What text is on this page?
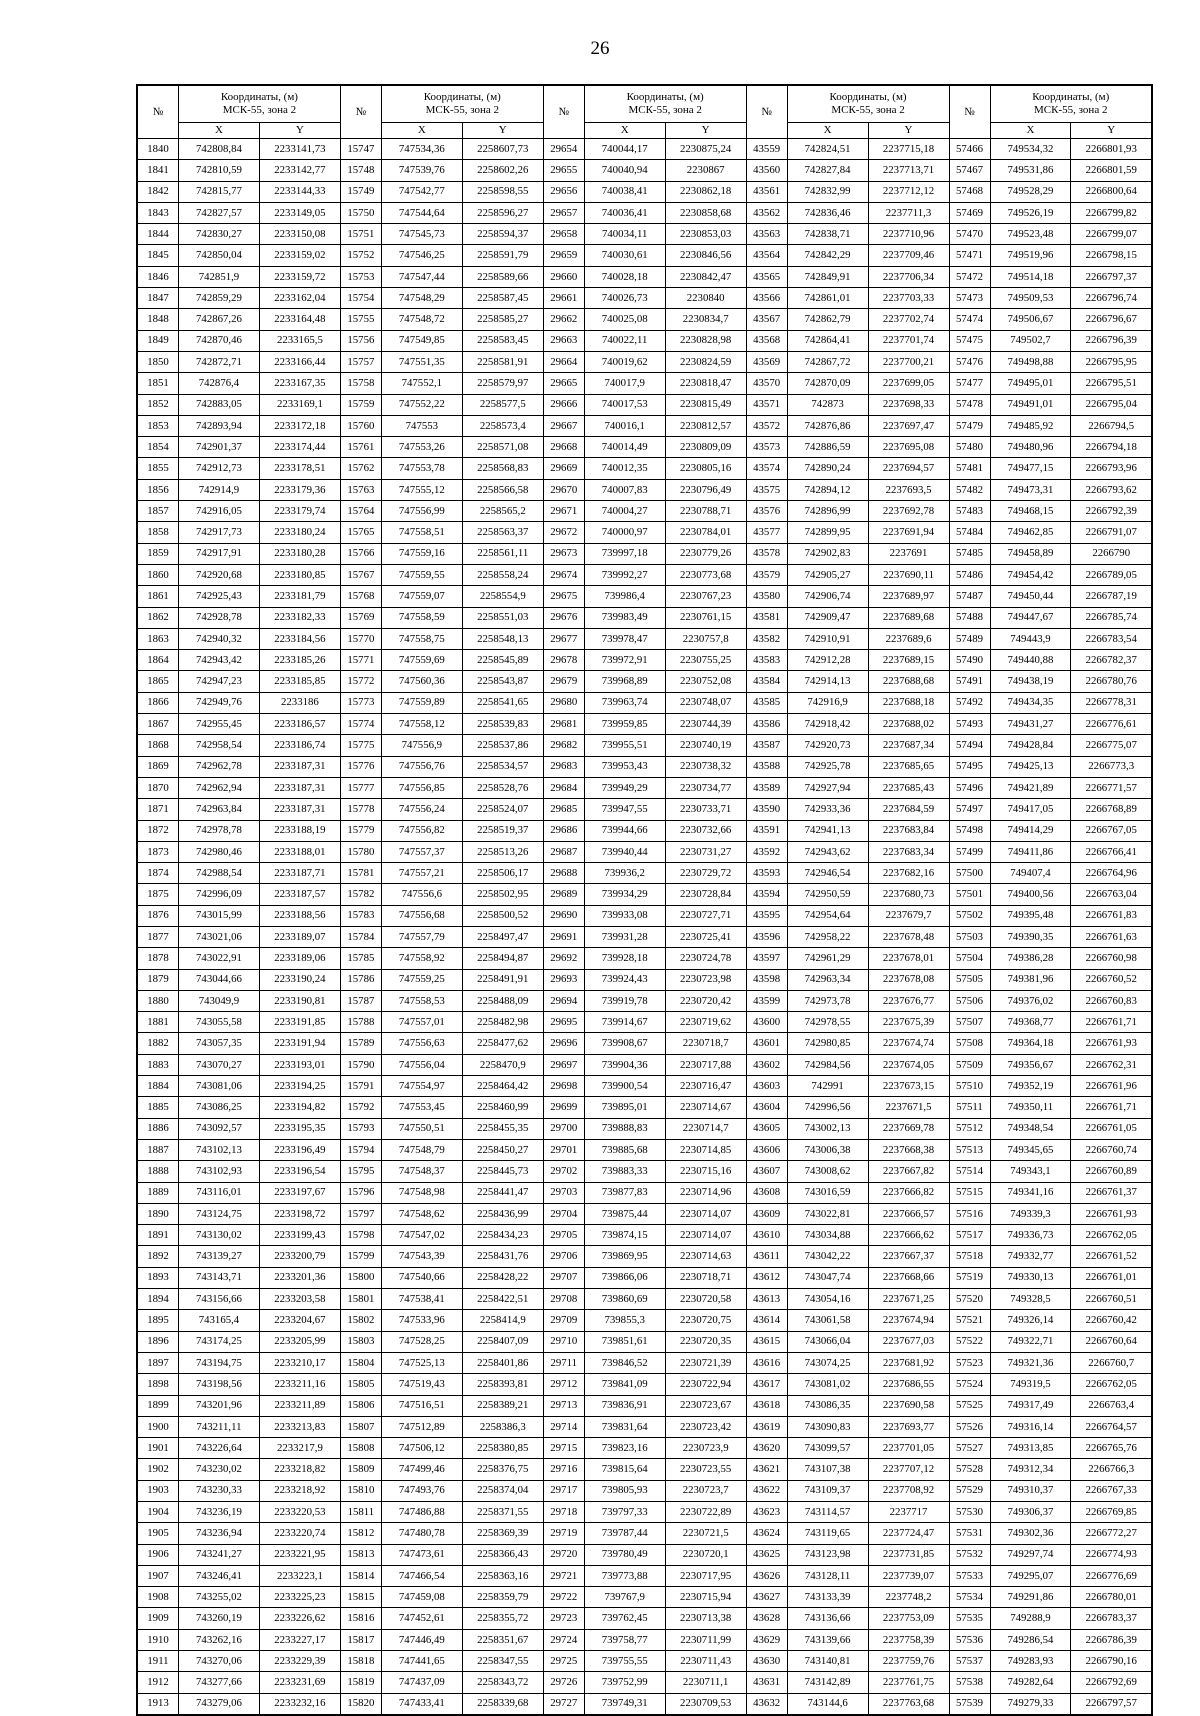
26
№	Координаты, (м)
МСК-55, зона 2		№	Координаты, (м)
МСК-55, зона 2		№	Координаты, (м)
МСК-55, зона 2		№	Координаты, (м)
МСК-55, зона 2		№	Координаты, (м)
МСК-55, зона 2	

	X	Y		X	Y		X	Y		X	Y		X	Y
1840	742808,84	2233141,73	15747	747534,36	2258607,73	29654	740044,17	2230875,24	43559	742824,51	2237715,18	57466	749534,32	2266801,93
1841	742810,59	2233142,77	15748	747539,76	2258602,26	29655	740040,94	2230867	43560	742827,84	2237713,71	57467	749531,86	2266801,59
1842	742815,77	2233144,33	15749	747542,77	2258598,55	29656	740038,41	2230862,18	43561	742832,99	2237712,12	57468	749528,29	2266800,64
1843	742827,57	2233149,05	15750	747544,64	2258596,27	29657	740036,41	2230858,68	43562	742836,46	2237711,3	57469	749526,19	2266799,82
1844	742830,27	2233150,08	15751	747545,73	2258594,37	29658	740034,11	2230853,03	43563	742838,71	2237710,96	57470	749523,48	2266799,07
1845	742850,04	2233159,02	15752	747546,25	2258591,79	29659	740030,61	2230846,56	43564	742842,29	2237709,46	57471	749519,96	2266798,15
1846	742851,9	2233159,72	15753	747547,44	2258589,66	29660	740028,18	2230842,47	43565	742849,91	2237706,34	57472	749514,18	2266797,37
1847	742859,29	2233162,04	15754	747548,29	2258587,45	29661	740026,73	2230840	43566	742861,01	2237703,33	57473	749509,53	2266796,74
1848	742867,26	2233164,48	15755	747548,72	2258585,27	29662	740025,08	2230834,7	43567	742862,79	2237702,74	57474	749506,67	2266796,67
1849	742870,46	2233165,5	15756	747549,85	2258583,45	29663	740022,11	2230828,98	43568	742864,41	2237701,74	57475	749502,7	2266796,39
1850	742872,71	2233166,44	15757	747551,35	2258581,91	29664	740019,62	2230824,59	43569	742867,72	2237700,21	57476	749498,88	2266795,95
1851	742876,4	2233167,35	15758	747552,1	2258579,97	29665	740017,9	2230818,47	43570	742870,09	2237699,05	57477	749495,01	2266795,51
1852	742883,05	2233169,1	15759	747552,22	2258577,5	29666	740017,53	2230815,49	43571	742873	2237698,33	57478	749491,01	2266795,04
1853	742893,94	2233172,18	15760	747553	2258573,4	29667	740016,1	2230812,57	43572	742876,86	2237697,47	57479	749485,92	2266794,5
1854	742901,37	2233174,44	15761	747553,26	2258571,08	29668	740014,49	2230809,09	43573	742886,59	2237695,08	57480	749480,96	2266794,18
1855	742912,73	2233178,51	15762	747553,78	2258568,83	29669	740012,35	2230805,16	43574	742890,24	2237694,57	57481	749477,15	2266793,96
1856	742914,9	2233179,36	15763	747555,12	2258566,58	29670	740007,83	2230796,49	43575	742894,12	2237693,5	57482	749473,31	2266793,62
1857	742916,05	2233179,74	15764	747556,99	2258565,2	29671	740004,27	2230788,71	43576	742896,99	2237692,78	57483	749468,15	2266792,39
1858	742917,73	2233180,24	15765	747558,51	2258563,37	29672	740000,97	2230784,01	43577	742899,95	2237691,94	57484	749462,85	2266791,07
1859	742917,91	2233180,28	15766	747559,16	2258561,11	29673	739997,18	2230779,26	43578	742902,83	2237691	57485	749458,89	2266790
1860	742920,68	2233180,85	15767	747559,55	2258558,24	29674	739992,27	2230773,68	43579	742905,27	2237690,11	57486	749454,42	2266789,05
1861	742925,43	2233181,79	15768	747559,07	2258554,9	29675	739986,4	2230767,23	43580	742906,74	2237689,97	57487	749450,44	2266787,19
1862	742928,78	2233182,33	15769	747558,59	2258551,03	29676	739983,49	2230761,15	43581	742909,47	2237689,68	57488	749447,67	2266785,74
1863	742940,32	2233184,56	15770	747558,75	2258548,13	29677	739978,47	2230757,8	43582	742910,91	2237689,6	57489	749443,9	2266783,54
1864	742943,42	2233185,26	15771	747559,69	2258545,89	29678	739972,91	2230755,25	43583	742912,28	2237689,15	57490	749440,88	2266782,37
1865	742947,23	2233185,85	15772	747560,36	2258543,87	29679	739968,89	2230752,08	43584	742914,13	2237688,68	57491	749438,19	2266780,76
1866	742949,76	2233186	15773	747559,89	2258541,65	29680	739963,74	2230748,07	43585	742916,9	2237688,18	57492	749434,35	2266778,31
1867	742955,45	2233186,57	15774	747558,12	2258539,83	29681	739959,85	2230744,39	43586	742918,42	2237688,02	57493	749431,27	2266776,61
1868	742958,54	2233186,74	15775	747556,9	2258537,86	29682	739955,51	2230740,19	43587	742920,73	2237687,34	57494	749428,84	2266775,07
1869	742962,78	2233187,31	15776	747556,76	2258534,57	29683	739953,43	2230738,32	43588	742925,78	2237685,65	57495	749425,13	2266773,3
1870	742962,94	2233187,31	15777	747556,85	2258528,76	29684	739949,29	2230734,77	43589	742927,94	2237685,43	57496	749421,89	2266771,57
1871	742963,84	2233187,31	15778	747556,24	2258524,07	29685	739947,55	2230733,71	43590	742933,36	2237684,59	57497	749417,05	2266768,89
1872	742978,78	2233188,19	15779	747556,82	2258519,37	29686	739944,66	2230732,66	43591	742941,13	2237683,84	57498	749414,29	2266767,05
1873	742980,46	2233188,01	15780	747557,37	2258513,26	29687	739940,44	2230731,27	43592	742943,62	2237683,34	57499	749411,86	2266766,41
1874	742988,54	2233187,71	15781	747557,21	2258506,17	29688	739936,2	2230729,72	43593	742946,54	2237682,16	57500	749407,4	2266764,96
1875	742996,09	2233187,57	15782	747556,6	2258502,95	29689	739934,29	2230728,84	43594	742950,59	2237680,73	57501	749400,56	2266763,04
1876	743015,99	2233188,56	15783	747556,68	2258500,52	29690	739933,08	2230727,71	43595	742954,64	2237679,7	57502	749395,48	2266761,83
1877	743021,06	2233189,07	15784	747557,79	2258497,47	29691	739931,28	2230725,41	43596	742958,22	2237678,48	57503	749390,35	2266761,63
1878	743022,91	2233189,06	15785	747558,92	2258494,87	29692	739928,18	2230724,78	43597	742961,29	2237678,01	57504	749386,28	2266760,98
1879	743044,66	2233190,24	15786	747559,25	2258491,91	29693	739924,43	2230723,98	43598	742963,34	2237678,08	57505	749381,96	2266760,52
1880	743049,9	2233190,81	15787	747558,53	2258488,09	29694	739919,78	2230720,42	43599	742973,78	2237676,77	57506	749376,02	2266760,83
1881	743055,58	2233191,85	15788	747557,01	2258482,98	29695	739914,67	2230719,62	43600	742978,55	2237675,39	57507	749368,77	2266761,71
1882	743057,35	2233191,94	15789	747556,63	2258477,62	29696	739908,67	2230718,7	43601	742980,85	2237674,74	57508	749364,18	2266761,93
1883	743070,27	2233193,01	15790	747556,04	2258470,9	29697	739904,36	2230717,88	43602	742984,56	2237674,05	57509	749356,67	2266762,31
1884	743081,06	2233194,25	15791	747554,97	2258464,42	29698	739900,54	2230716,47	43603	742991	2237673,15	57510	749352,19	2266761,96
1885	743086,25	2233194,82	15792	747553,45	2258460,99	29699	739895,01	2230714,67	43604	742996,56	2237671,5	57511	749350,11	2266761,71
1886	743092,57	2233195,35	15793	747550,51	2258455,35	29700	739888,83	2230714,7	43605	743002,13	2237669,78	57512	749348,54	2266761,05
1887	743102,13	2233196,49	15794	747548,79	2258450,27	29701	739885,68	2230714,85	43606	743006,38	2237668,38	57513	749345,65	2266760,74
1888	743102,93	2233196,54	15795	747548,37	2258445,73	29702	739883,33	2230715,16	43607	743008,62	2237667,82	57514	749343,1	2266760,89
1889	743116,01	2233197,67	15796	747548,98	2258441,47	29703	739877,83	2230714,96	43608	743016,59	2237666,82	57515	749341,16	2266761,37
1890	743124,75	2233198,72	15797	747548,62	2258436,99	29704	739875,44	2230714,07	43609	743022,81	2237666,57	57516	749339,3	2266761,93
1891	743130,02	2233199,43	15798	747547,02	2258434,23	29705	739874,15	2230714,07	43610	743034,88	2237666,62	57517	749336,73	2266762,05
1892	743139,27	2233200,79	15799	747543,39	2258431,76	29706	739869,95	2230714,63	43611	743042,22	2237667,37	57518	749332,77	2266761,52
1893	743143,71	2233201,36	15800	747540,66	2258428,22	29707	739866,06	2230718,71	43612	743047,74	2237668,66	57519	749330,13	2266761,01
1894	743156,66	2233203,58	15801	747538,41	2258422,51	29708	739860,69	2230720,58	43613	743054,16	2237671,25	57520	749328,5	2266760,51
1895	743165,4	2233204,67	15802	747533,96	2258414,9	29709	739855,3	2230720,75	43614	743061,58	2237674,94	57521	749326,14	2266760,42
1896	743174,25	2233205,99	15803	747528,25	2258407,09	29710	739851,61	2230720,35	43615	743066,04	2237677,03	57522	749322,71	2266760,64
1897	743194,75	2233210,17	15804	747525,13	2258401,86	29711	739846,52	2230721,39	43616	743074,25	2237681,92	57523	749321,36	2266760,7
1898	743198,56	2233211,16	15805	747519,43	2258393,81	29712	739841,09	2230722,94	43617	743081,02	2237686,55	57524	749319,5	2266762,05
1899	743201,96	2233211,89	15806	747516,51	2258389,21	29713	739836,91	2230723,67	43618	743086,35	2237690,58	57525	749317,49	2266763,4
1900	743211,11	2233213,83	15807	747512,89	2258386,3	29714	739831,64	2230723,42	43619	743090,83	2237693,77	57526	749316,14	2266764,57
1901	743226,64	2233217,9	15808	747506,12	2258380,85	29715	739823,16	2230723,9	43620	743099,57	2237701,05	57527	749313,85	2266765,76
1902	743230,02	2233218,82	15809	747499,46	2258376,75	29716	739815,64	2230723,55	43621	743107,38	2237707,12	57528	749312,34	2266766,3
1903	743230,33	2233218,92	15810	747493,76	2258374,04	29717	739805,93	2230723,7	43622	743109,37	2237708,92	57529	749310,37	2266767,33
1904	743236,19	2233220,53	15811	747486,88	2258371,55	29718	739797,33	2230722,89	43623	743114,57	2237717	57530	749306,37	2266769,85
1905	743236,94	2233220,74	15812	747480,78	2258369,39	29719	739787,44	2230721,5	43624	743119,65	2237724,47	57531	749302,36	2266772,27
1906	743241,27	2233221,95	15813	747473,61	2258366,43	29720	739780,49	2230720,1	43625	743123,98	2237731,85	57532	749297,74	2266774,93
1907	743246,41	2233223,1	15814	747466,54	2258363,16	29721	739773,88	2230717,95	43626	743128,11	2237739,07	57533	749295,07	2266776,69
1908	743255,02	2233225,23	15815	747459,08	2258359,79	29722	739767,9	2230715,94	43627	743133,39	2237748,2	57534	749291,86	2266780,01
1909	743260,19	2233226,62	15816	747452,61	2258355,72	29723	739762,45	2230713,38	43628	743136,66	2237753,09	57535	749288,9	2266783,37
1910	743262,16	2233227,17	15817	747446,49	2258351,67	29724	739758,77	2230711,99	43629	743139,66	2237758,39	57536	749286,54	2266786,39
1911	743270,06	2233229,39	15818	747441,65	2258347,55	29725	739755,55	2230711,43	43630	743140,81	2237759,76	57537	749283,93	2266790,16
1912	743277,66	2233231,69	15819	747437,09	2258343,72	29726	739752,99	2230711,1	43631	743142,89	2237761,75	57538	749282,64	2266792,69
1913	743279,06	2233232,16	15820	747433,41	2258339,68	29727	739749,31	2230709,53	43632	743144,6	2237763,68	57539	749279,33	2266797,57
